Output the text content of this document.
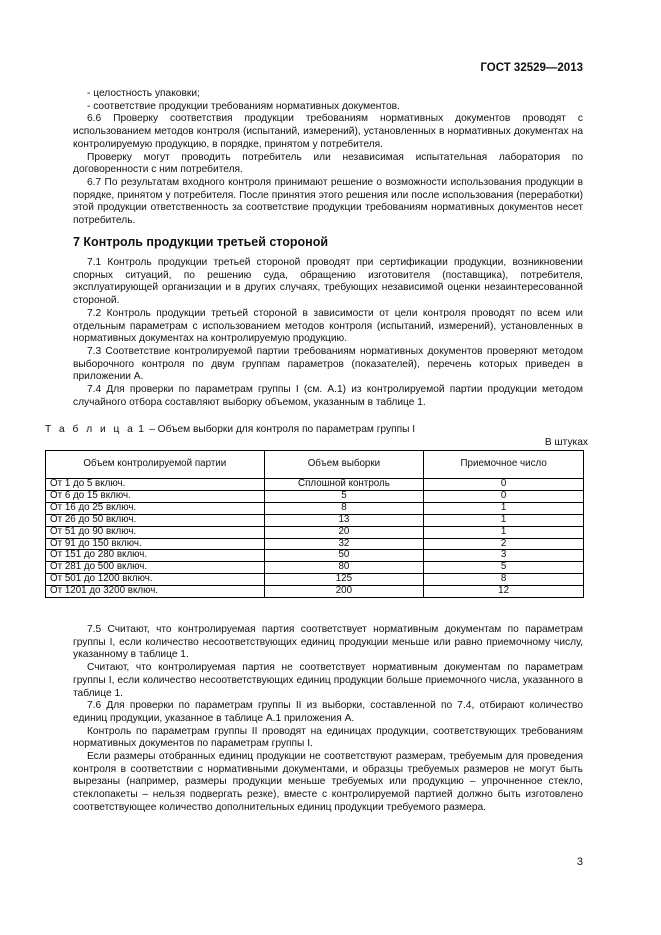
ГОСТ 32529—2013

- целостность упаковки;

- соответствие продукции требованиям нормативных документов.

6.6 Проверку соответствия продукции требованиям нормативных документов проводят с использованием методов контроля (испытаний, измерений), установленных в нормативных документах на контролируемую продукцию, в порядке, принятом у потребителя.

Проверку могут проводить потребитель или независимая испытательная лаборатория по договоренности с ним потребителя.

6.7 По результатам входного контроля принимают решение о возможности использования продукции в порядке, принятом у потребителя. После принятия этого решения или после использования (переработки) этой продукции ответственность за соответствие продукции требованиям нормативных документов несет потребитель.

7 Контроль продукции третьей стороной

7.1 Контроль продукции третьей стороной проводят при сертификации продукции, возникновении спорных ситуаций, по решению суда, обращению изготовителя (поставщика), потребителя, эксплуатирующей организации и в других случаях, требующих независимой оценки незаинтересованной стороной.

7.2 Контроль продукции третьей стороной в зависимости от цели контроля проводят по всем или отдельным параметрам с использованием методов контроля (испытаний, измерений), установленных в нормативных документах на контролируемую продукцию.

7.3 Соответствие контролируемой партии требованиям нормативных документов проверяют методом выборочного контроля по двум группам параметров (показателей), перечень которых приведен в приложении А.

7.4 Для проверки по параметрам группы I (см. А.1) из контролируемой партии продукции методом случайного отбора составляют выборку объемом, указанным в таблице 1.

Т а б л и ц а 1 – Объем выборки для контроля по параметрам группы I
В штуках
Объем контролируемой партии	Объем выборки	Приемочное число
От 1 до 5 включ.	Сплошной контроль	0
От 6 до 15 включ.	5	0
От 16 до 25 включ.	8	1
От 26 до 50 включ.	13	1
От 51 до 90 включ.	20	1
От 91 до 150 включ.	32	2
От 151 до 280 включ.	50	3
От 281 до 500 включ.	80	5
От 501 до 1200 включ.	125	8
От 1201 до 3200 включ.	200	12

7.5 Считают, что контролируемая партия соответствует нормативным документам по параметрам группы I, если количество несоответствующих единиц продукции меньше или равно приемочному числу, указанному в таблице 1.

Считают, что контролируемая партия не соответствует нормативным документам по параметрам группы I, если количество несоответствующих единиц продукции больше приемочного числа, указанного в таблице 1.

7.6 Для проверки по параметрам группы II из выборки, составленной по 7.4, отбирают количество единиц продукции, указанное в таблице А.1 приложения А.

Контроль по параметрам группы II проводят на единицах продукции, соответствующих требованиям нормативных документов по параметрам группы I.

Если размеры отобранных единиц продукции не соответствуют размерам, требуемым для проведения контроля в соответствии с нормативными документами, и образцы требуемых размеров не могут быть вырезаны (например, размеры продукции меньше требуемых или продукцию – упрочненное стекло, стеклопакеты – нельзя подвергать резке), вместе с контролируемой партией должно быть изготовлено соответствующее количество дополнительных единиц продукции требуемого размера.

3
